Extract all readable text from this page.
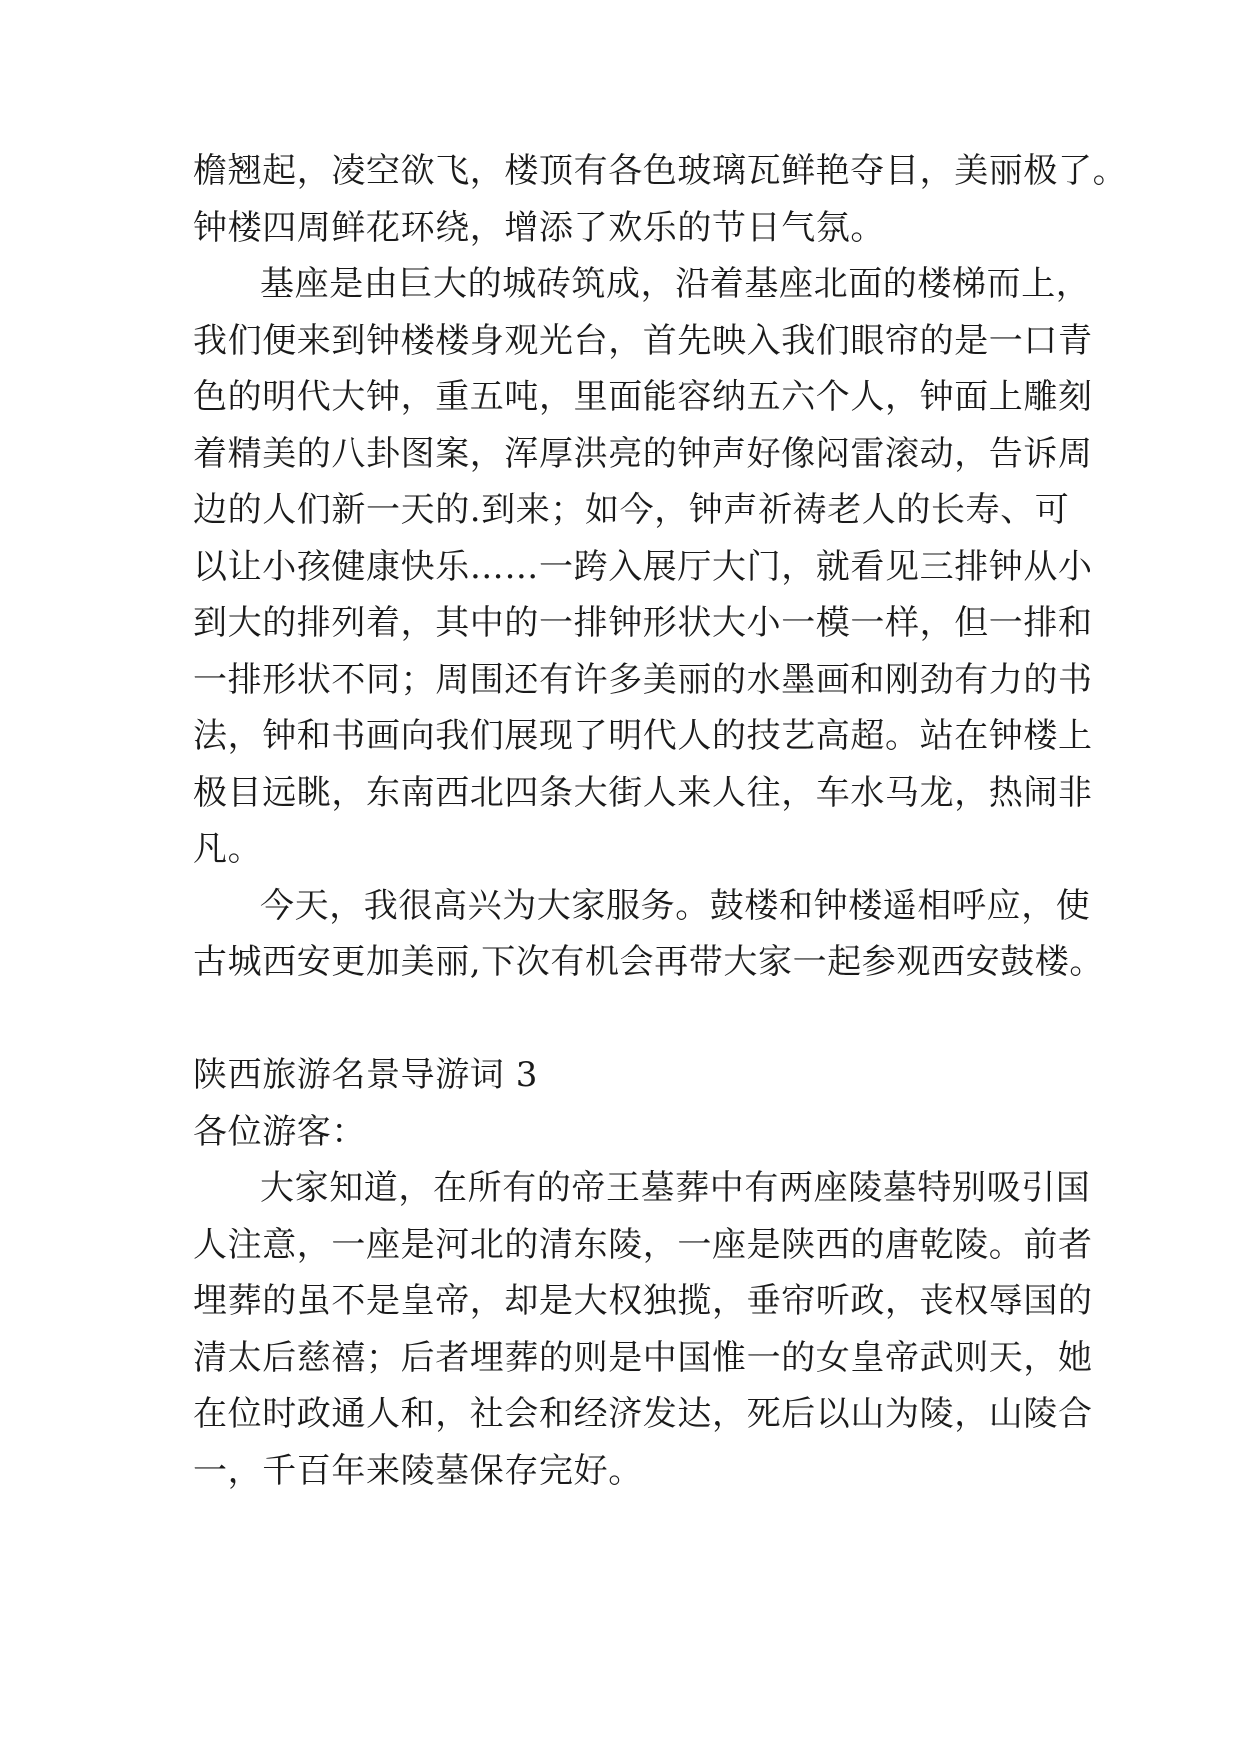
檐翘起，凌空欲飞，楼顶有各色玻璃瓦鲜艳夺目，美丽极了。
钟楼四周鲜花环绕，增添了欢乐的节日气氛。
基座是由巨大的城砖筑成，沿着基座北面的楼梯而上，
我们便来到钟楼楼身观光台，首先映入我们眼帘的是一口青
色的明代大钟，重五吨，里面能容纳五六个人，钟面上雕刻
着精美的八卦图案，浑厚洪亮的钟声好像闷雷滚动，告诉周
边的人们新一天的.到来；如今，钟声祈祷老人的长寿、可
以让小孩健康快乐……一跨入展厅大门，就看见三排钟从小
到大的排列着，其中的一排钟形状大小一模一样，但一排和
一排形状不同；周围还有许多美丽的水墨画和刚劲有力的书
法，钟和书画向我们展现了明代人的技艺高超。站在钟楼上
极目远眺，东南西北四条大街人来人往，车水马龙，热闹非
凡。
今天，我很高兴为大家服务。鼓楼和钟楼遥相呼应，使
古城西安更加美丽,下次有机会再带大家一起参观西安鼓楼。
陕西旅游名景导游词 3
各位游客：
大家知道，在所有的帝王墓葬中有两座陵墓特别吸引国
人注意，一座是河北的清东陵，一座是陕西的唐乾陵。前者
埋葬的虽不是皇帝，却是大权独揽，垂帘听政，丧权辱国的
清太后慈禧；后者埋葬的则是中国惟一的女皇帝武则天，她
在位时政通人和，社会和经济发达，死后以山为陵，山陵合
一，千百年来陵墓保存完好。
